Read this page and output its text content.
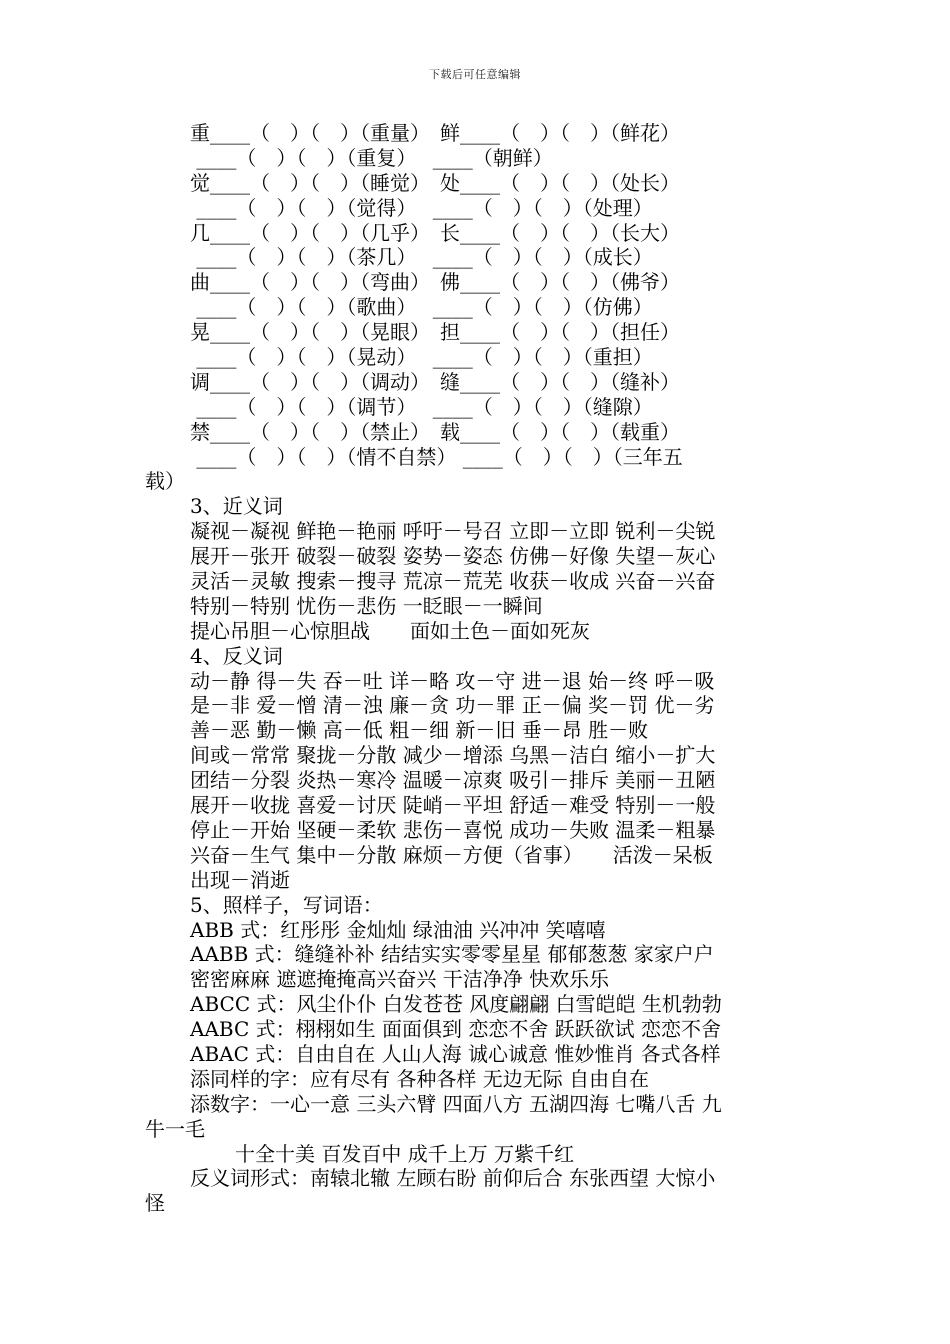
下载后可任意编辑
重____（　）（　）（重量）　鲜____（　）（　）（鲜花）
____（　）（　）（重复）　 ____（朝鲜）
觉____（　）（　）（睡觉）　处____（　）（　）（处长）
____（　）（　）（觉得）　 ____（　）（　）（处理）
几____（　）（　）（几乎）　长____（　）（　）（长大）
____（　）（　）（茶几）　 ____（　）（　）（成长）
曲____（　）（　）（弯曲）　佛____（　）（　）（佛爷）
____（　）（　）（歌曲）　 ____（　）（　）（仿佛）
晃____（　）（　）（晃眼）　担____（　）（　）（担任）
____（　）（　）（晃动）　 ____（　）（　）（重担）
调____（　）（　）（调动）　缝____（　）（　）（缝补）
____（　）（　）（调节）　 ____（　）（　）（缝隙）
禁____（　）（　）（禁止）　载____（　）（　）（载重）
____（　）（　）（情不自禁） ____（　）（　）（三年五
载）
3、近义词
凝视－凝视 鲜艳－艳丽 呼吁－号召 立即－立即 锐利－尖锐
展开－张开 破裂－破裂 姿势－姿态 仿佛－好像 失望－灰心
灵活－灵敏 搜索－搜寻 荒凉－荒芜 收获－收成 兴奋－兴奋
特别－特别 忧伤－悲伤 一眨眼－一瞬间
提心吊胆－心惊胆战　　面如土色－面如死灰
4、反义词
动－静 得－失 吞－吐 详－略 攻－守 进－退 始－终 呼－吸
是－非 爱－憎 清－浊 廉－贪 功－罪 正－偏 奖－罚 优－劣
善－恶 勤－懒 高－低 粗－细 新－旧 垂－昂 胜－败
间或－常常 聚拢－分散 减少－增添 乌黑－洁白 缩小－扩大
团结－分裂 炎热－寒冷 温暖－凉爽 吸引－排斥 美丽－丑陋
展开－收拢 喜爱－讨厌 陡峭－平坦 舒适－难受 特别－一般
停止－开始 坚硬－柔软 悲伤－喜悦 成功－失败 温柔－粗暴
兴奋－生气 集中－分散 麻烦－方便（省事）　　活泼－呆板
出现－消逝
5、照样子，写词语：
ABB 式：红彤彤 金灿灿 绿油油 兴冲冲 笑嘻嘻
AABB 式：缝缝补补 结结实实零零星星 郁郁葱葱 家家户户
密密麻麻 遮遮掩掩高兴奋兴 干洁净净 快欢乐乐
ABCC 式：风尘仆仆 白发苍苍 风度翩翩 白雪皑皑 生机勃勃
AABC 式：栩栩如生 面面俱到 恋恋不舍 跃跃欲试 恋恋不舍
ABAC 式：自由自在 人山人海 诚心诚意 惟妙惟肖 各式各样
添同样的字：应有尽有 各种各样 无边无际 自由自在
添数字：一心一意 三头六臂 四面八方 五湖四海 七嘴八舌 九
牛一毛
十全十美 百发百中 成千上万 万紫千红
反义词形式：南辕北辙 左顾右盼 前仰后合 东张西望 大惊小
怪
